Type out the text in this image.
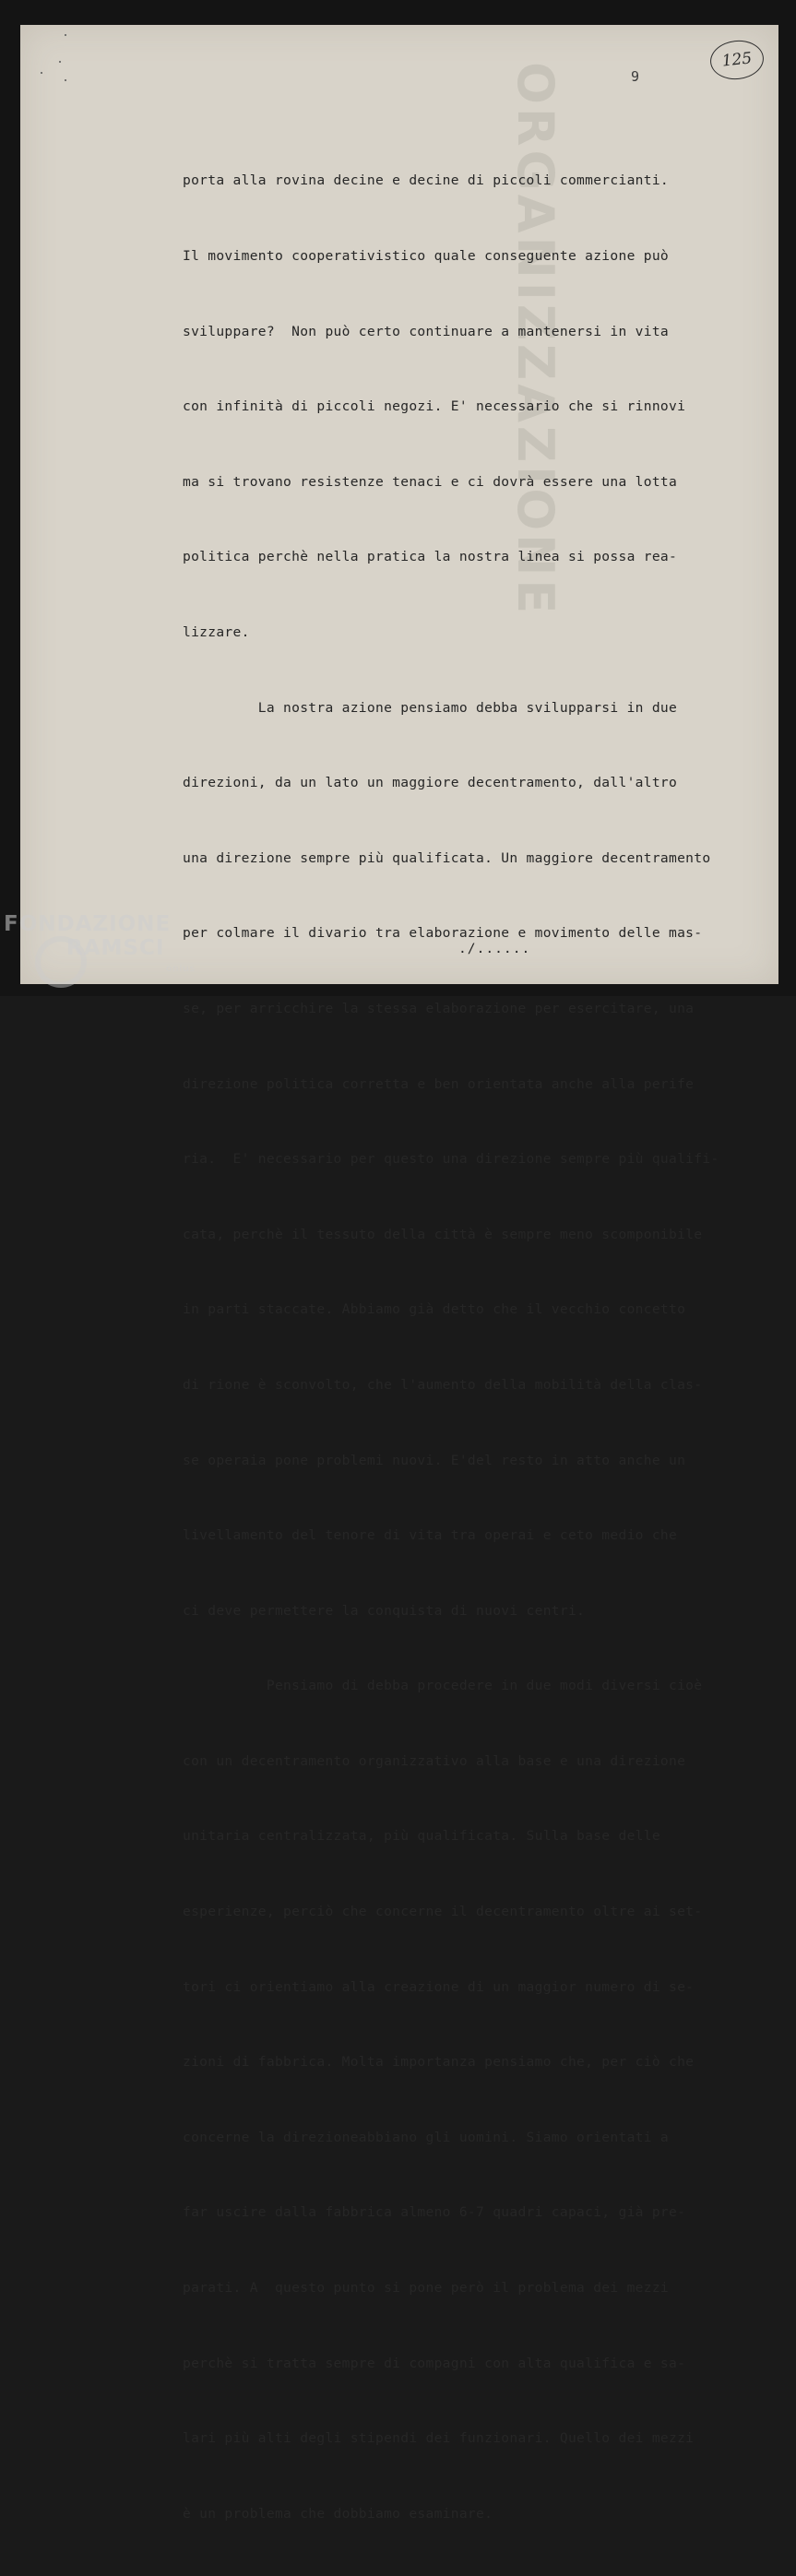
ORGANIZZAZIONE	9
125

porta alla rovina decine e decine di piccoli commercianti.

Il movimento cooperativistico quale conseguente azione può

sviluppare?  Non può certo continuare a mantenersi in vita

con infinità di piccoli negozi. E' necessario che si rinnovi

ma si trovano resistenze tenaci e ci dovrà essere una lotta

politica perchè nella pratica la nostra linea si possa rea-

lizzare.

La nostra azione pensiamo debba svilupparsi in due

direzioni, da un lato un maggiore decentramento, dall'altro

una direzione sempre più qualificata. Un maggiore decentramento

per colmare il divario tra elaborazione e movimento delle mas-

se, per arricchire la stessa elaborazione per esercitare, una

direzione politica corretta e ben orientata anche alla perife

ria.  E' necessario per questo una direzione sempre più qualifi-

cata, perchè il tessuto della città è sempre meno scomponibile

in parti staccate. Abbiamo già detto che il vecchio concetto

di rione è sconvolto, che l'aumento della mobilità della clas-

se operaia pone problemi nuovi. E'del resto in atto anche un

livellamento del tenore di vita tra operai e ceto medio che

ci deve permettere la conquista di nuovi centri.

Pensiamo di debba procedere in due modi diversi cioè

con un decentramento organizzativo alla base e una direzione

unitaria centralizzata, più qualificata. Sulla base delle

esperienze, perciò che concerne il decentramento oltre ai set-

tori ci orientiamo alla creazione di un maggior numero di se-

zioni di fabbrica. Molta importanza pensiamo che, per ciò che

concerne la direzioneabbiano gli uomini. Siamo orientati a

far uscire dalla fabbrica almeno 6-7 quadri capaci, già pre-

parati. A  questo punto si pone però il problema dei mezzi

perchè si tratta sempre di compagni con alta qualifica e sa-

lari più alti degli stipendi dei funzionari. Quello dei mezzi

è un problema che dobbiamo esaminare.

./......
FONDAZIONE
RAMSCI
onlus
